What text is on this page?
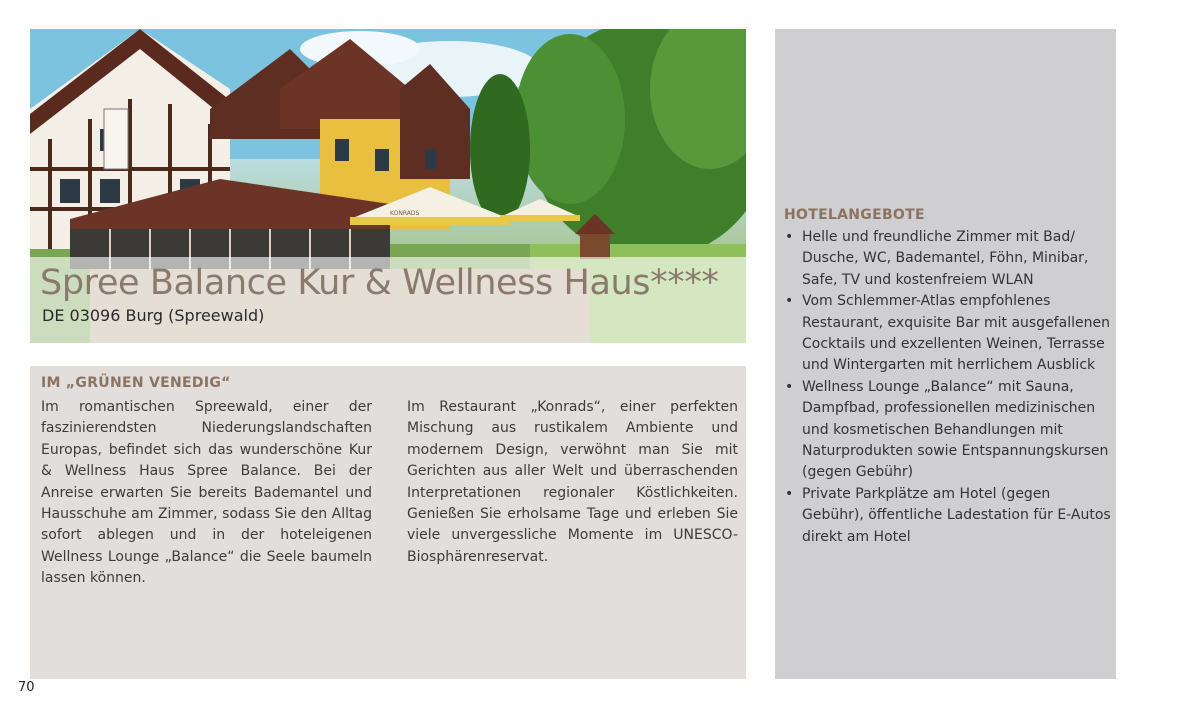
KONRADS
Spree Balance Kur & Wellness Haus****
DE 03096 Burg (Spreewald)
IM „GRÜNEN VENEDIG“
Im romantischen Spreewald, einer der faszinierendsten Niederungslandschaften Europas, befindet sich das wunderschöne Kur & Wellness Haus Spree Balance. Bei der Anreise erwarten Sie bereits Bademantel und Hausschuhe am Zimmer, sodass Sie den Alltag sofort ablegen und in der hoteleigenen Wellness Lounge „Balance“ die Seele baumeln lassen können.
Im Restaurant „Konrads“, einer perfekten Mischung aus rustikalem Ambiente und modernem Design, verwöhnt man Sie mit Gerichten aus aller Welt und überraschenden Interpretationen regionaler Köstlichkeiten. Genießen Sie erholsame Tage und erleben Sie viele unvergessliche Momente im UNESCO-Biosphärenreservat.
HOTELANGEBOTE
• Helle und freundliche Zimmer mit Bad/ Dusche, WC, Bademantel, Föhn, Minibar, Safe, TV und kostenfreiem WLAN
• Vom Schlemmer-Atlas empfohlenes Restaurant, exquisite Bar mit ausgefallenen Cocktails und exzellenten Weinen, Terrasse und Wintergarten mit herrlichem Ausblick
• Wellness Lounge „Balance“ mit Sauna, Dampfbad, professionellen medizinischen und kosmetischen Behandlungen mit Naturprodukten sowie Entspannungskursen (gegen Gebühr)
• Private Parkplätze am Hotel (gegen Gebühr), öffentliche Ladestation für E-Autos direkt am Hotel
70
